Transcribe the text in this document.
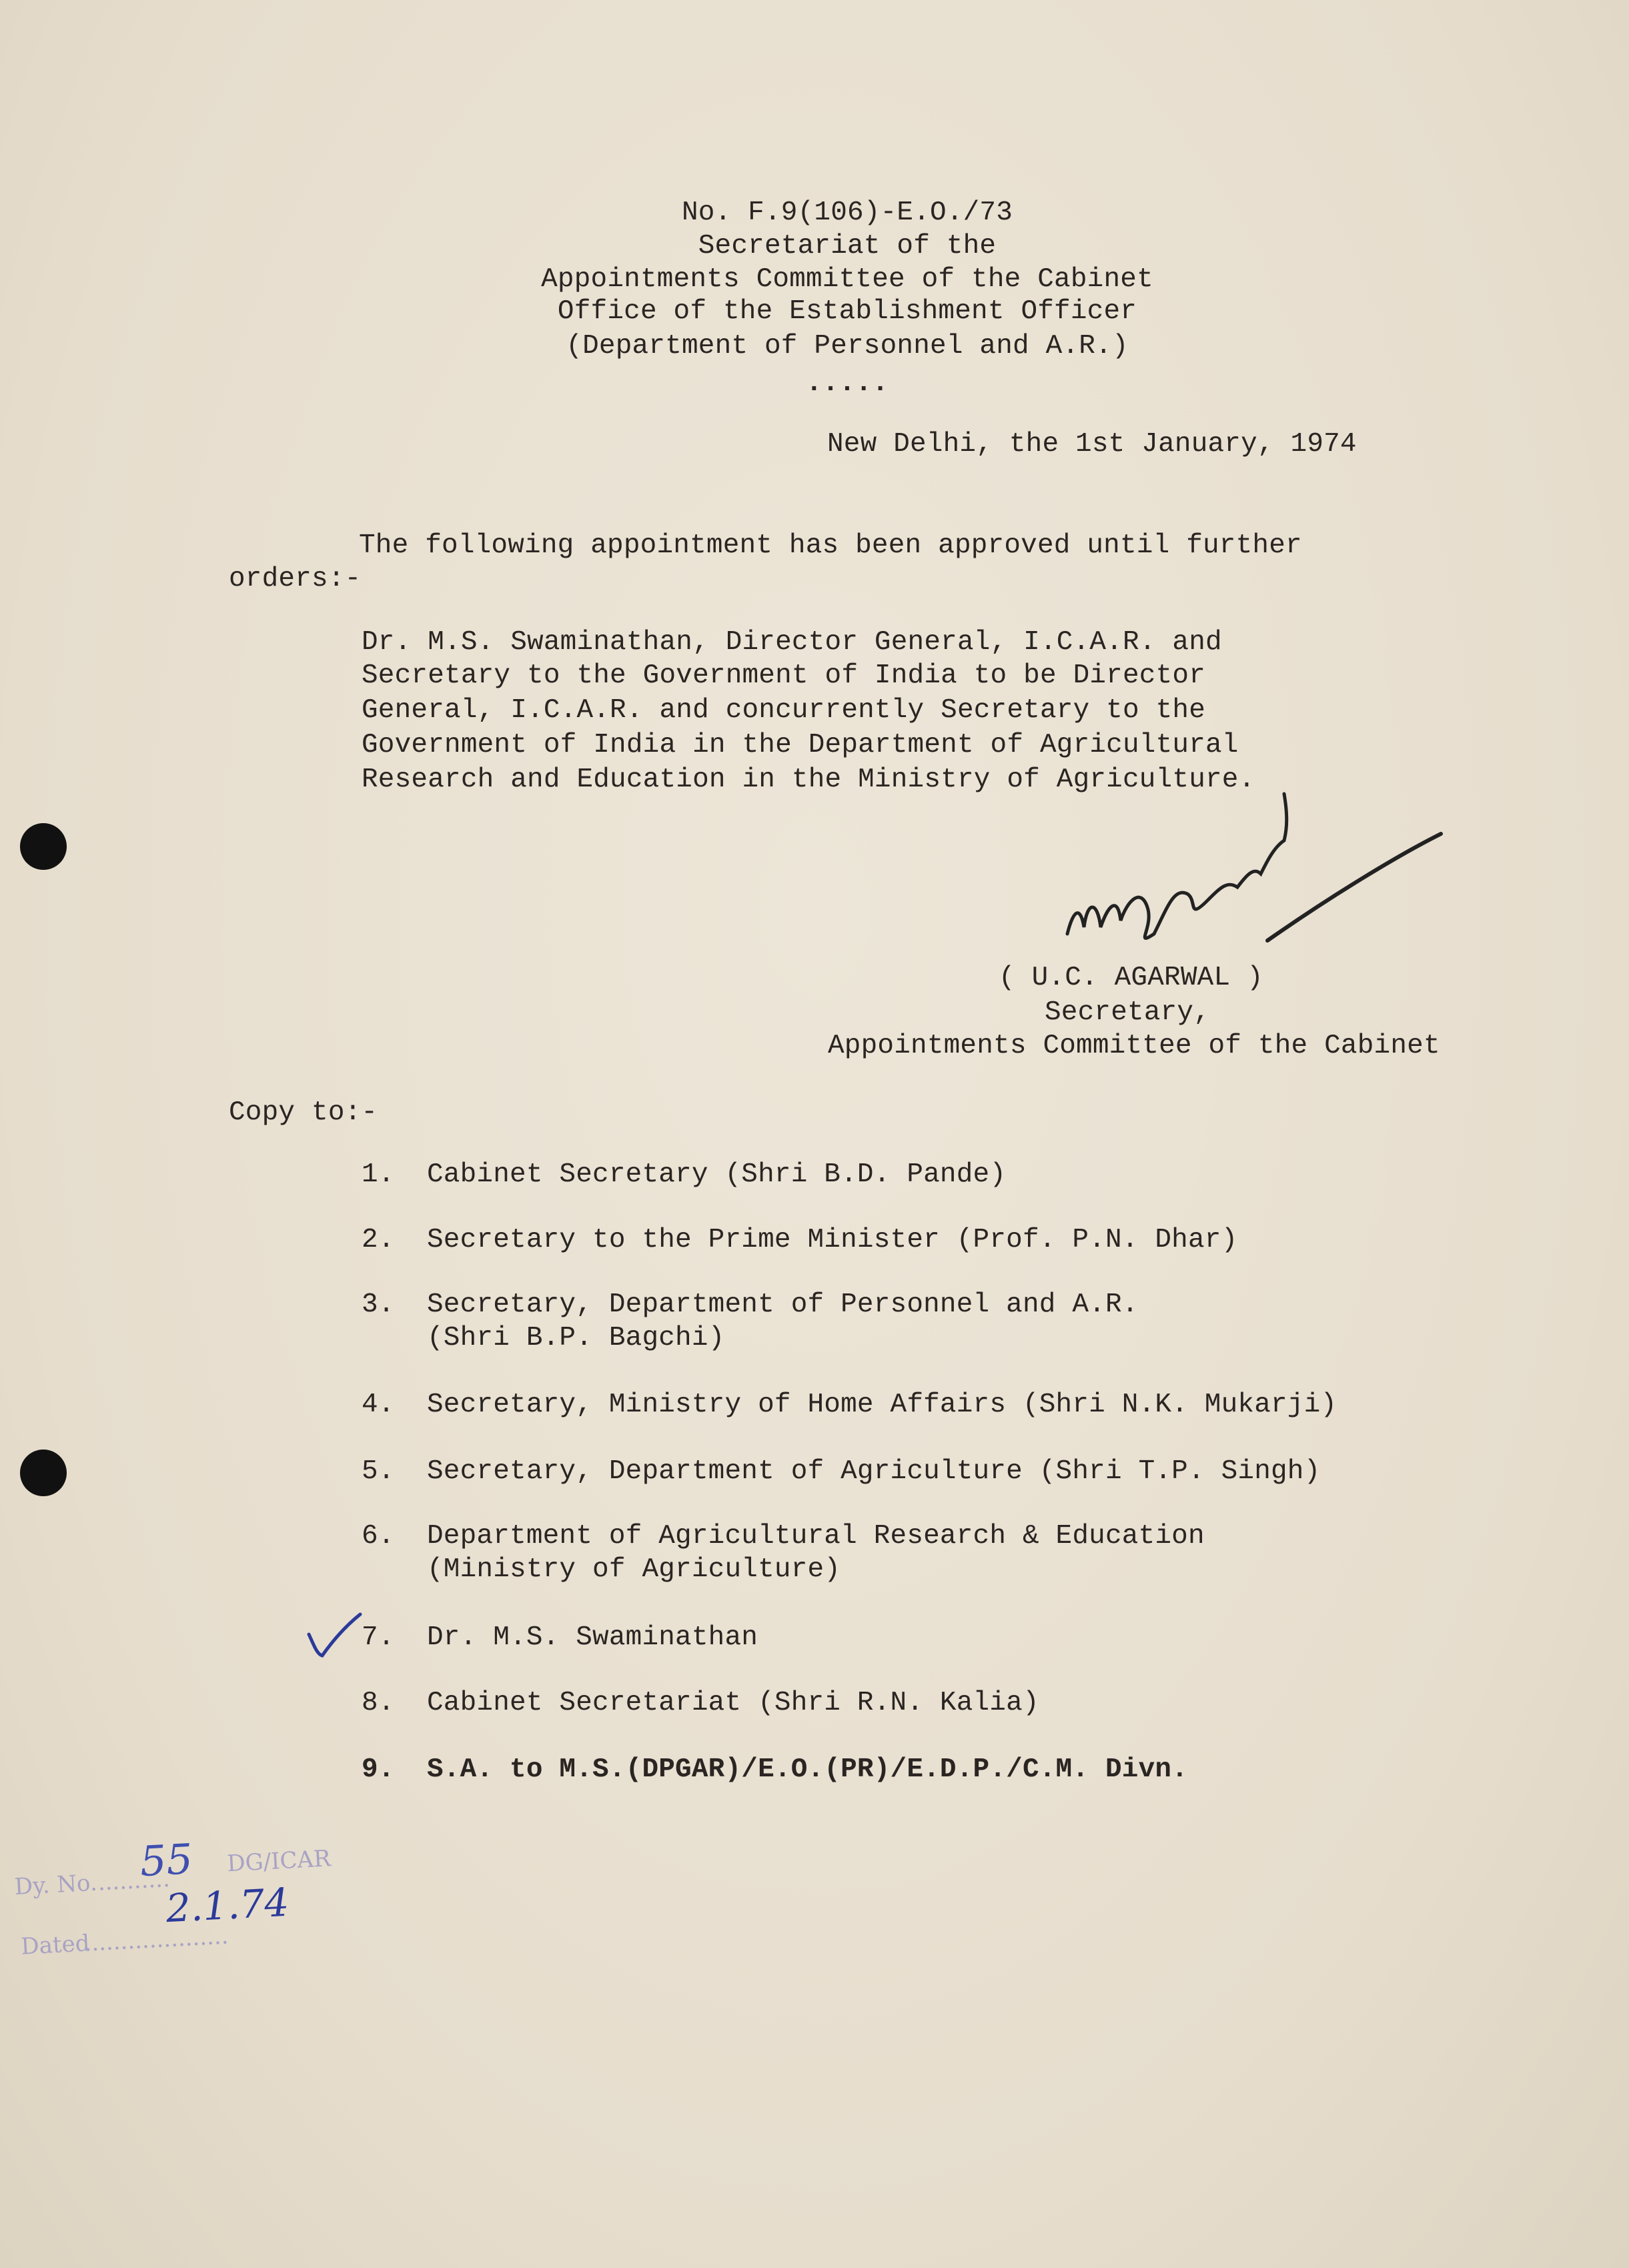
No. F.9(106)-E.O./73
Secretariat of the
Appointments Committee of the Cabinet
Office of the Establishment Officer
(Department of Personnel and A.R.)
.....
New Delhi, the 1st January, 1974
The following appointment has been approved until further
orders:-
Dr. M.S. Swaminathan, Director General, I.C.A.R. and
Secretary to the Government of India to be Director
General, I.C.A.R. and concurrently Secretary to the
Government of India in the Department of Agricultural
Research and Education in the Ministry of Agriculture.
( U.C. AGARWAL )
Secretary,
Appointments Committee of the Cabinet
Copy to:-
1. Cabinet Secretary (Shri B.D. Pande)
2. Secretary to the Prime Minister (Prof. P.N. Dhar)
3. Secretary, Department of Personnel and A.R.
(Shri B.P. Bagchi)
4. Secretary, Ministry of Home Affairs (Shri N.K. Mukarji)
5. Secretary, Department of Agriculture (Shri T.P. Singh)
6. Department of Agricultural Research & Education
(Ministry of Agriculture)
7. Dr. M.S. Swaminathan
8. Cabinet Secretariat (Shri R.N. Kalia)
9. S.A. to M.S.(DPGAR)/E.O.(PR)/E.D.P./C.M. Divn.
Dy. No.
..........
55 DG/ICAR
Dated
....................
2.1.74
